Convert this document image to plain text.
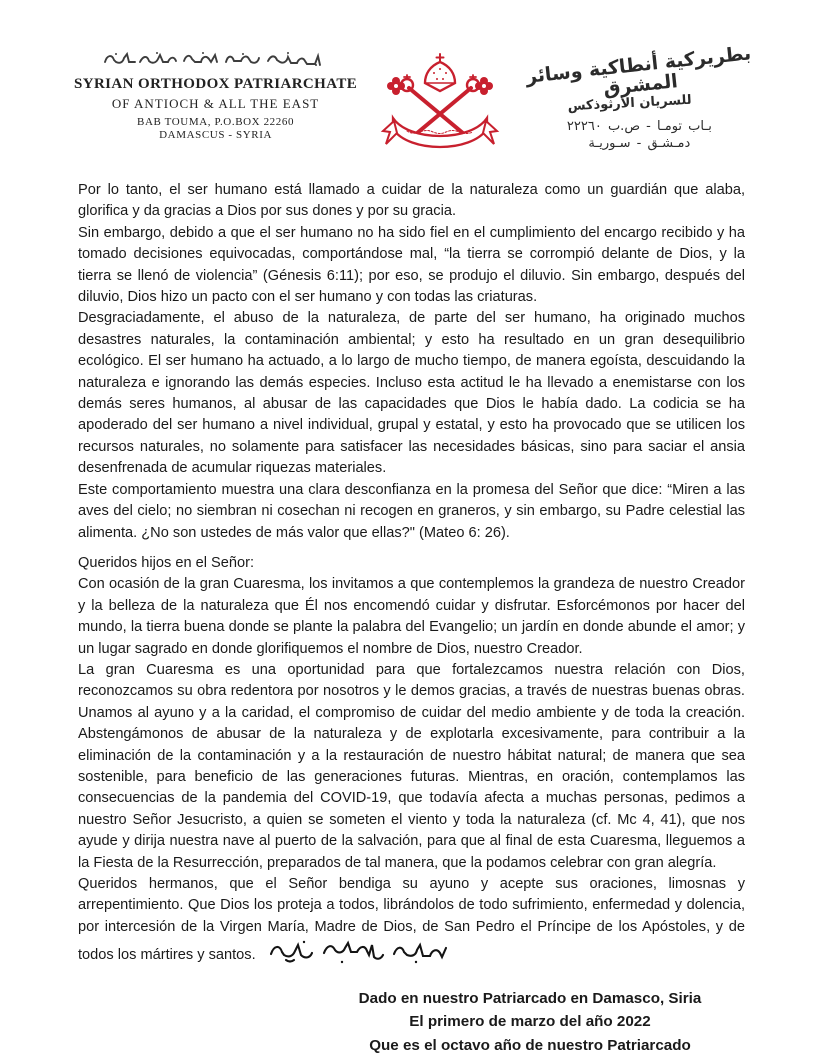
SYRIAN ORTHODOX PATRIARCHATE
OF ANTIOCH & ALL THE EAST
BAB TOUMA, P.O.BOX 22260
DAMASCUS - SYRIA
بطريركية أنطاكية وسائر المشرق
للسريان الأرثوذكس
بـاب تومـا - ص.ب ٢٢٢٦٠
دمـشـق - سـوريـة

Por lo tanto, el ser humano está llamado a cuidar de la naturaleza como un guardián que alaba, glorifica y da gracias a Dios por sus dones y por su gracia.

Sin embargo, debido a que el ser humano no ha sido fiel en el cumplimiento del encargo recibido y ha tomado decisiones equivocadas, comportándose mal, “la tierra se corrompió delante de Dios, y la tierra se llenó de violencia” (Génesis 6:11); por eso, se produjo el diluvio. Sin embargo, después del diluvio, Dios hizo un pacto con el ser humano y con todas las criaturas.

Desgraciadamente, el abuso de la naturaleza, de parte del ser humano, ha originado muchos desastres naturales, la contaminación ambiental; y esto ha resultado en un gran desequilibrio ecológico. El ser humano ha actuado, a lo largo de mucho tiempo, de manera egoísta, descuidando la naturaleza e ignorando las demás especies. Incluso esta actitud le ha llevado a enemistarse con los demás seres humanos, al abusar de las capacidades que Dios le había dado. La codicia se ha apoderado del ser humano a nivel individual, grupal y estatal, y esto ha provocado que se utilicen los recursos naturales, no solamente para satisfacer las necesidades básicas, sino para saciar el ansia desenfrenada de acumular riquezas materiales.

Este comportamiento muestra una clara desconfianza en la promesa del Señor que dice: “Miren a las aves del cielo; no siembran ni cosechan ni recogen en graneros, y sin embargo, su Padre celestial las alimenta. ¿No son ustedes de más valor que ellas?" (Mateo 6: 26).

Queridos hijos en el Señor:

Con ocasión de la gran Cuaresma, los invitamos a que contemplemos la grandeza de nuestro Creador y la belleza de la naturaleza que Él nos encomendó cuidar y disfrutar. Esforcémonos por hacer del mundo, la tierra buena donde se plante la palabra del Evangelio; un jardín en donde abunde el amor; y un lugar sagrado en donde glorifiquemos el nombre de Dios, nuestro Creador.

La gran Cuaresma es una oportunidad para que fortalezcamos nuestra relación con Dios, reconozcamos su obra redentora por nosotros y le demos gracias, a través de nuestras buenas obras. Unamos al ayuno y a la caridad, el compromiso de cuidar del medio ambiente y de toda la creación. Abstengámonos de abusar de la naturaleza y de explotarla excesivamente, para contribuir a la eliminación de la contaminación y a la restauración de nuestro hábitat natural; de manera que sea sostenible, para beneficio de las generaciones futuras. Mientras, en oración, contemplamos las consecuencias de la pandemia del COVID-19, que todavía afecta a muchas personas, pedimos a nuestro Señor Jesucristo, a quien se someten el viento y toda la naturaleza (cf. Mc 4, 41), que nos ayude y dirija nuestra nave al puerto de la salvación, para que al final de esta Cuaresma, lleguemos a la Fiesta de la Resurrección, preparados de tal manera, que la podamos celebrar con gran alegría.

Queridos hermanos, que el Señor bendiga su ayuno y acepte sus oraciones, limosnas y arrepentimiento. Que Dios los proteja a todos, librándolos de todo sufrimiento, enfermedad y dolencia, por intercesión de la Virgen María, Madre de Dios, de San Pedro el Príncipe de los Apóstoles, y de todos los mártires y santos.

Dado en nuestro Patriarcado en Damasco, Siria
El primero de marzo del año 2022
Que es el octavo año de nuestro Patriarcado
